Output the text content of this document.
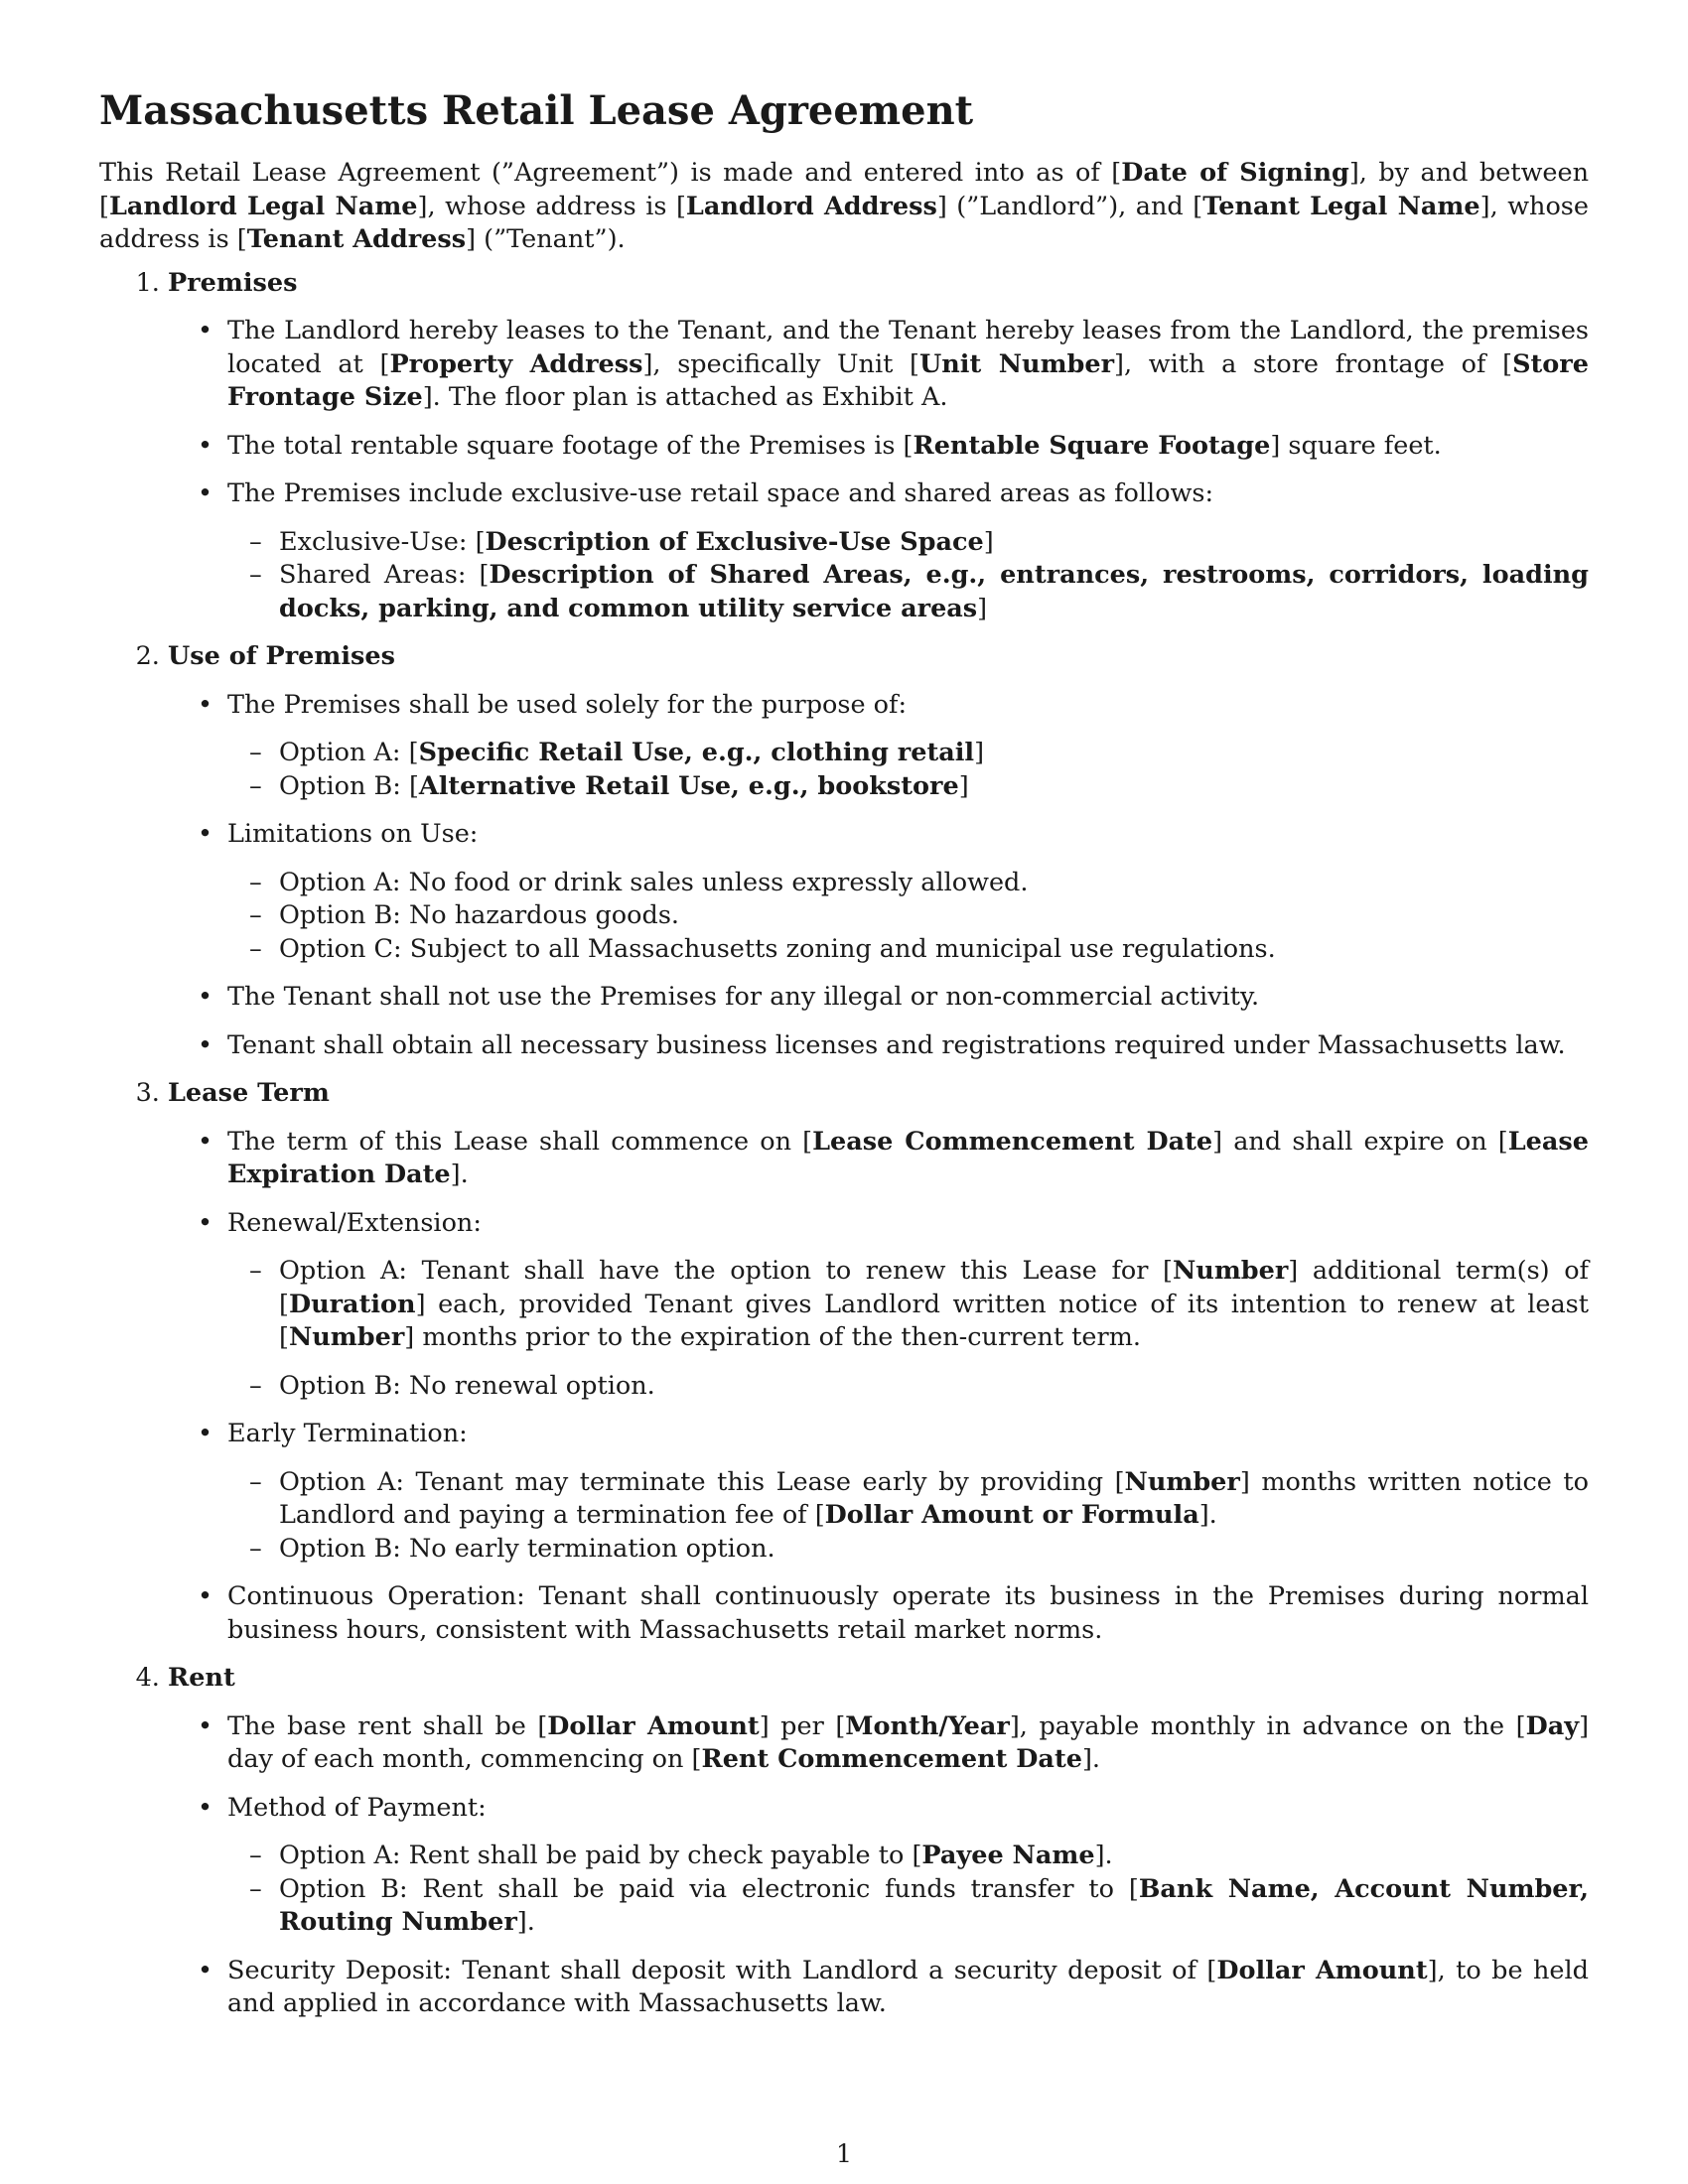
Massachusetts Retail Lease Agreement

This Retail Lease Agreement (”Agreement”) is made and entered into as of [Date of Signing], by and between [Landlord Legal Name], whose address is [Landlord Address] (”Landlord”), and [Tenant Legal Name], whose address is [Tenant Address] (”Tenant”).

1. Premises
• The Landlord hereby leases to the Tenant, and the Tenant hereby leases from the Landlord, the premises located at [Property Address], specifically Unit [Unit Number], with a store frontage of [Store Frontage Size]. The floor plan is attached as Exhibit A.
• The total rentable square footage of the Premises is [Rentable Square Footage] square feet.
• The Premises include exclusive-use retail space and shared areas as follows:
– Exclusive-Use: [Description of Exclusive-Use Space]
– Shared Areas: [Description of Shared Areas, e.g., entrances, restrooms, corridors, loading docks, parking, and common utility service areas]
2. Use of Premises
• The Premises shall be used solely for the purpose of:
– Option A: [Specific Retail Use, e.g., clothing retail]
– Option B: [Alternative Retail Use, e.g., bookstore]
• Limitations on Use:
– Option A: No food or drink sales unless expressly allowed.
– Option B: No hazardous goods.
– Option C: Subject to all Massachusetts zoning and municipal use regulations.
• The Tenant shall not use the Premises for any illegal or non-commercial activity.
• Tenant shall obtain all necessary business licenses and registrations required under Massachusetts law.
3. Lease Term
• The term of this Lease shall commence on [Lease Commencement Date] and shall expire on [Lease Expiration Date].
• Renewal/Extension:
– Option A: Tenant shall have the option to renew this Lease for [Number] additional term(s) of [Duration] each, provided Tenant gives Landlord written notice of its intention to renew at least [Number] months prior to the expiration of the then-current term.
– Option B: No renewal option.
• Early Termination:
– Option A: Tenant may terminate this Lease early by providing [Number] months written notice to Landlord and paying a termination fee of [Dollar Amount or Formula].
– Option B: No early termination option.
• Continuous Operation: Tenant shall continuously operate its business in the Premises during normal business hours, consistent with Massachusetts retail market norms.
4. Rent
• The base rent shall be [Dollar Amount] per [Month/Year], payable monthly in advance on the [Day] day of each month, commencing on [Rent Commencement Date].
• Method of Payment:
– Option A: Rent shall be paid by check payable to [Payee Name].
– Option B: Rent shall be paid via electronic funds transfer to [Bank Name, Account Number, Routing Number].
• Security Deposit: Tenant shall deposit with Landlord a security deposit of [Dollar Amount], to be held and applied in accordance with Massachusetts law.
1
